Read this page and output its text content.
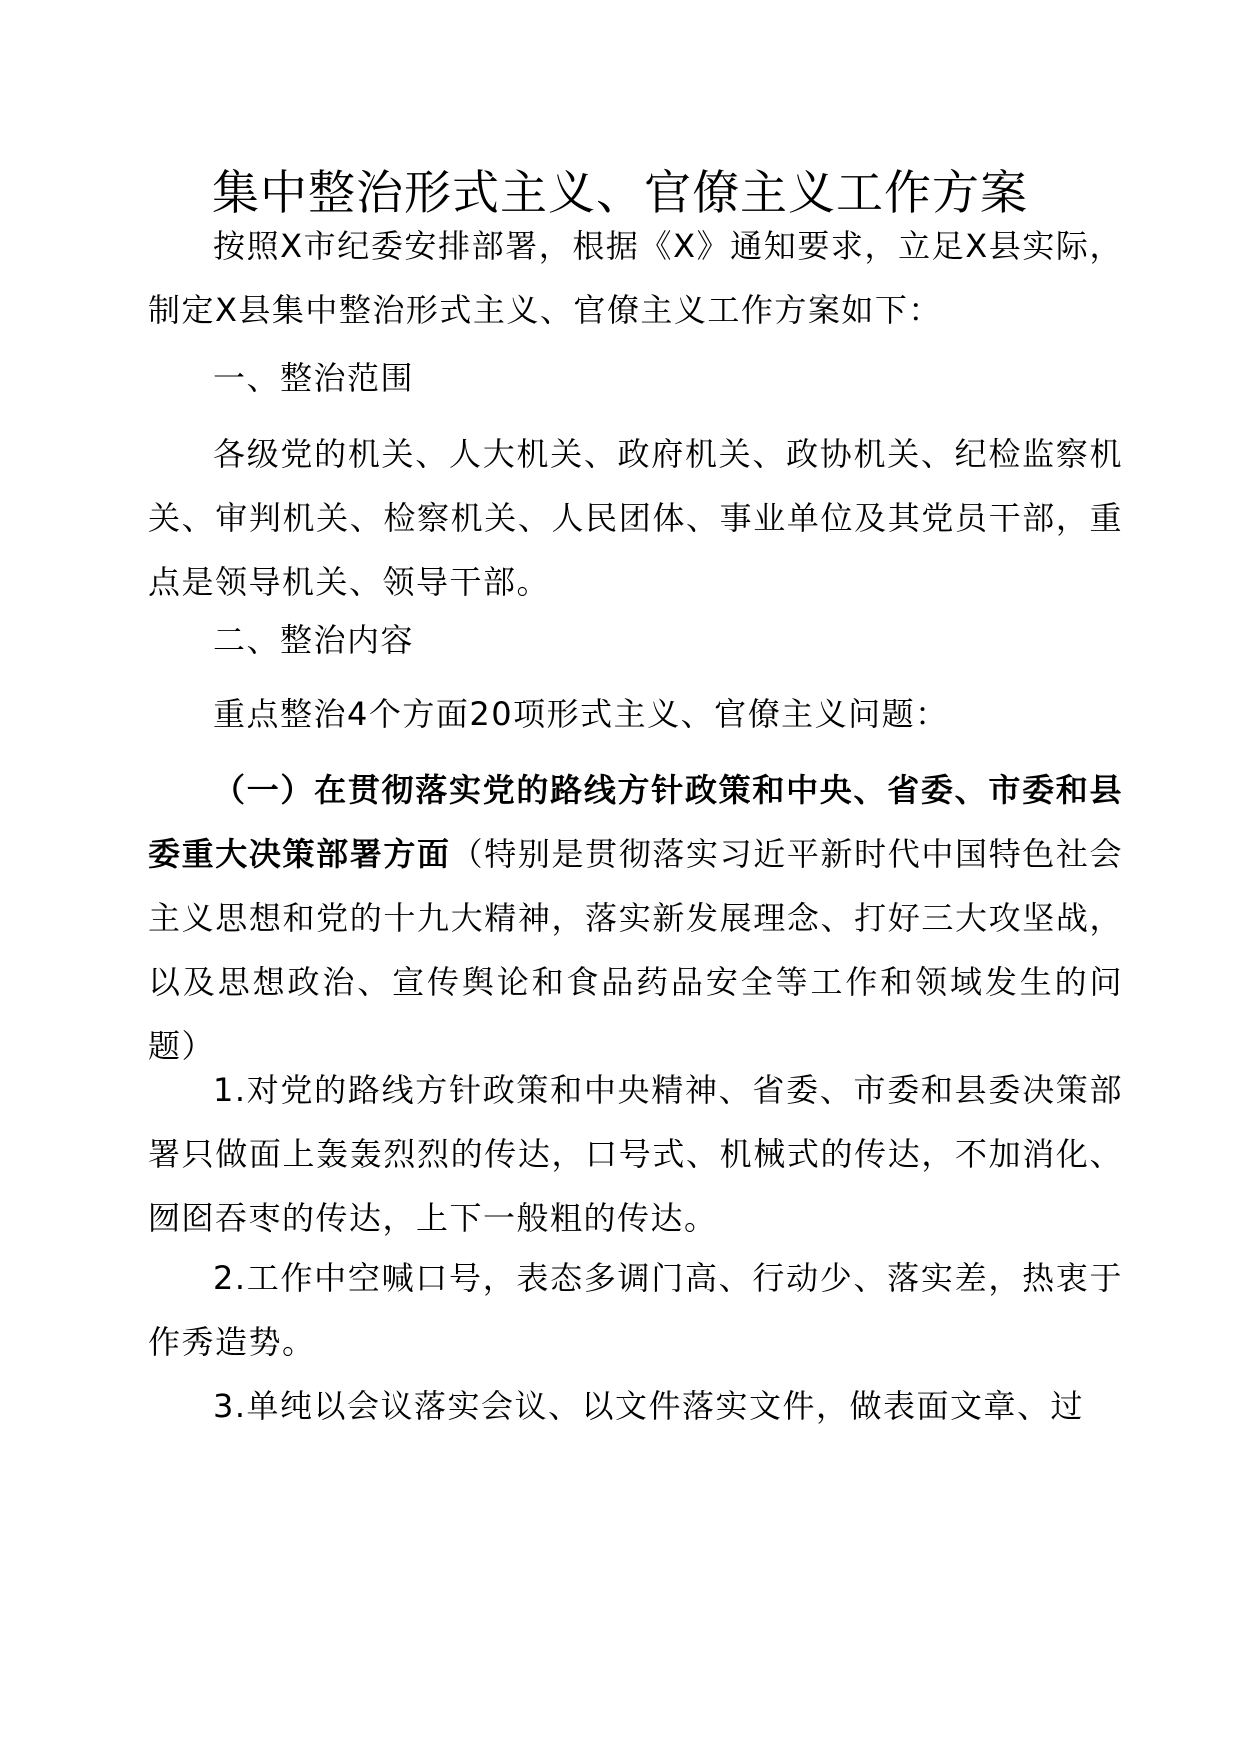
集中整治形式主义、官僚主义工作方案

按照X市纪委安排部署，根据《X》通知要求，立足X县实际，制定X县集中整治形式主义、官僚主义工作方案如下：

一、整治范围

各级党的机关、人大机关、政府机关、政协机关、纪检监察机关、审判机关、检察机关、人民团体、事业单位及其党员干部，重点是领导机关、领导干部。

二、整治内容

重点整治4个方面20项形式主义、官僚主义问题：

（一）在贯彻落实党的路线方针政策和中央、省委、市委和县委重大决策部署方面（特别是贯彻落实习近平新时代中国特色社会主义思想和党的十九大精神，落实新发展理念、打好三大攻坚战，以及思想政治、宣传舆论和食品药品安全等工作和领域发生的问题）

1.对党的路线方针政策和中央精神、省委、市委和县委决策部署只做面上轰轰烈烈的传达，口号式、机械式的传达，不加消化、囫囵吞枣的传达，上下一般粗的传达。

2.工作中空喊口号，表态多调门高、行动少、落实差，热衷于作秀造势。

3.单纯以会议落实会议、以文件落实文件，做表面文章、过
